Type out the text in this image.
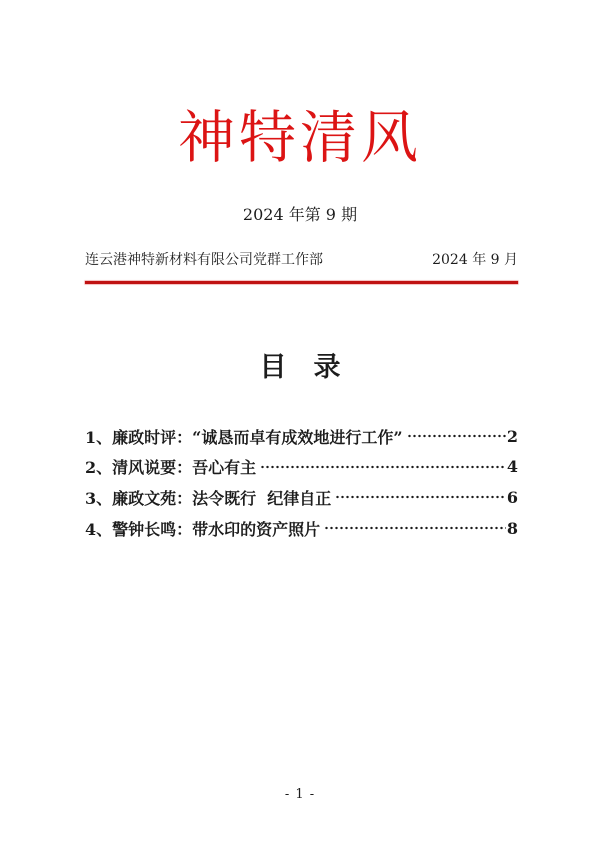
神特清风
2024 年第 9 期
连云港神特新材料有限公司党群工作部	2024 年 9 月
目　录
1、廉政时评：“诚恳而卓有成效地进行工作”	2
2、清风说要：吾心有主	4
3、廉政文苑：法令既行  纪律自正	6
4、警钟长鸣：带水印的资产照片	8
- 1 -
